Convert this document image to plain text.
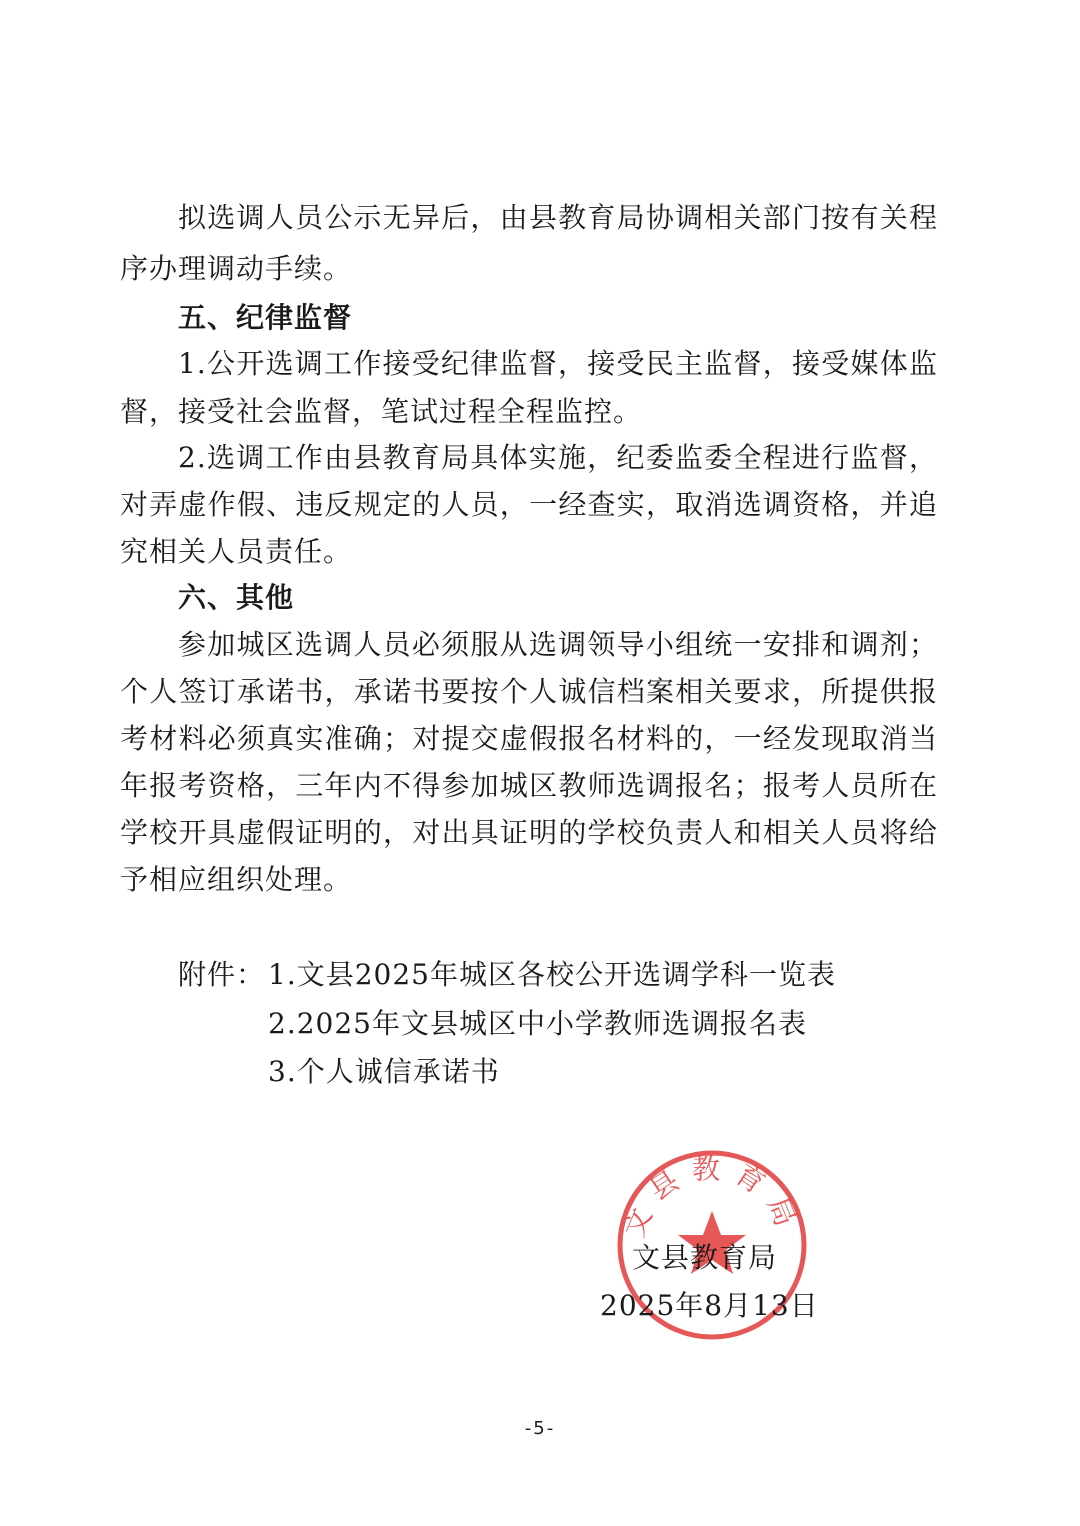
拟选调人员公示无异后，由县教育局协调相关部门按有关程
序办理调动手续。
五、纪律监督
1.公开选调工作接受纪律监督，接受民主监督，接受媒体监
督，接受社会监督，笔试过程全程监控。
2.选调工作由县教育局具体实施，纪委监委全程进行监督，
对弄虚作假、违反规定的人员，一经查实，取消选调资格，并追
究相关人员责任。
六、其他
参加城区选调人员必须服从选调领导小组统一安排和调剂；
个人签订承诺书，承诺书要按个人诚信档案相关要求，所提供报
考材料必须真实准确；对提交虚假报名材料的，一经发现取消当
年报考资格，三年内不得参加城区教师选调报名；报考人员所在
学校开具虚假证明的，对出具证明的学校负责人和相关人员将给
予相应组织处理。
附件： 1.文县2025年城区各校公开选调学科一览表
2.2025年文县城区中小学教师选调报名表
3.个人诚信承诺书
文县教育局
文县教育局
2025年8月13日
-5-
